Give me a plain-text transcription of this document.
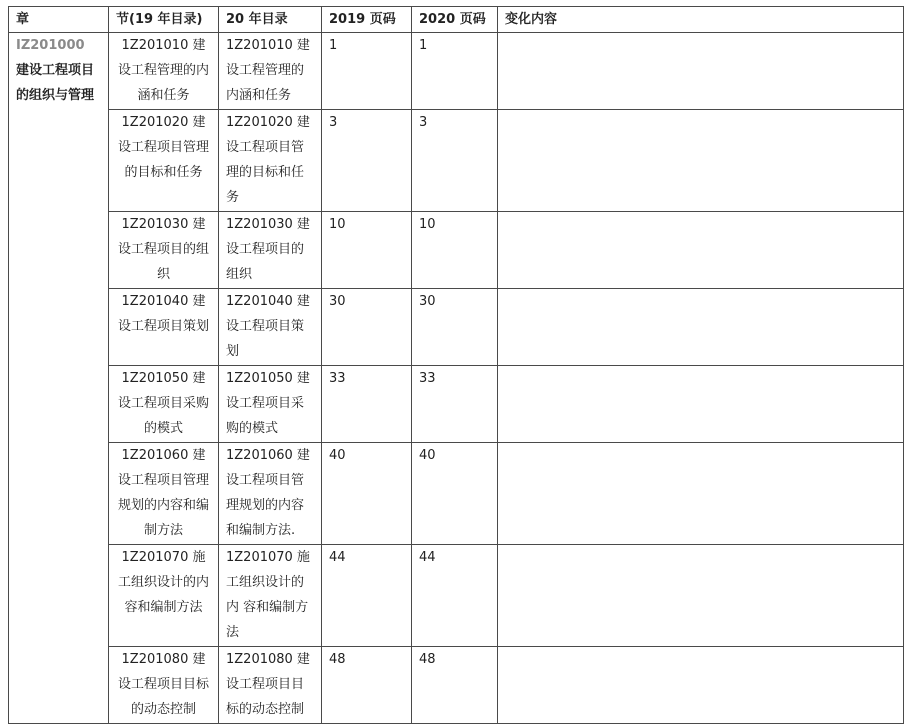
章	节(19 年目录)	20 年目录	2019 页码	2020 页码	变化内容
IZ201000 建设工程项目的组织与管理	1Z201010 建设工程管理的内涵和任务	1Z201010 建设工程管理的内涵和任务	1	1	
	1Z201020 建设工程项目管理的目标和任务	1Z201020 建设工程项目管理的目标和任务	3	3	
	1Z201030 建设工程项目的组织	1Z201030 建设工程项目的组织	10	10	
	1Z201040 建设工程项目策划	1Z201040 建设工程项目策划	30	30	
	1Z201050 建设工程项目采购的模式	1Z201050 建设工程项目采购的模式	33	33	
	1Z201060 建设工程项目管理规划的内容和编制方法	1Z201060 建设工程项目管理规划的内容和编制方法.	40	40	
	1Z201070 施工组织设计的内容和编制方法	1Z201070 施工组织设计的内 容和编制方法	44	44	
	1Z201080 建设工程项目目标的动态控制	1Z201080 建设工程项目目标的动态控制	48	48	
